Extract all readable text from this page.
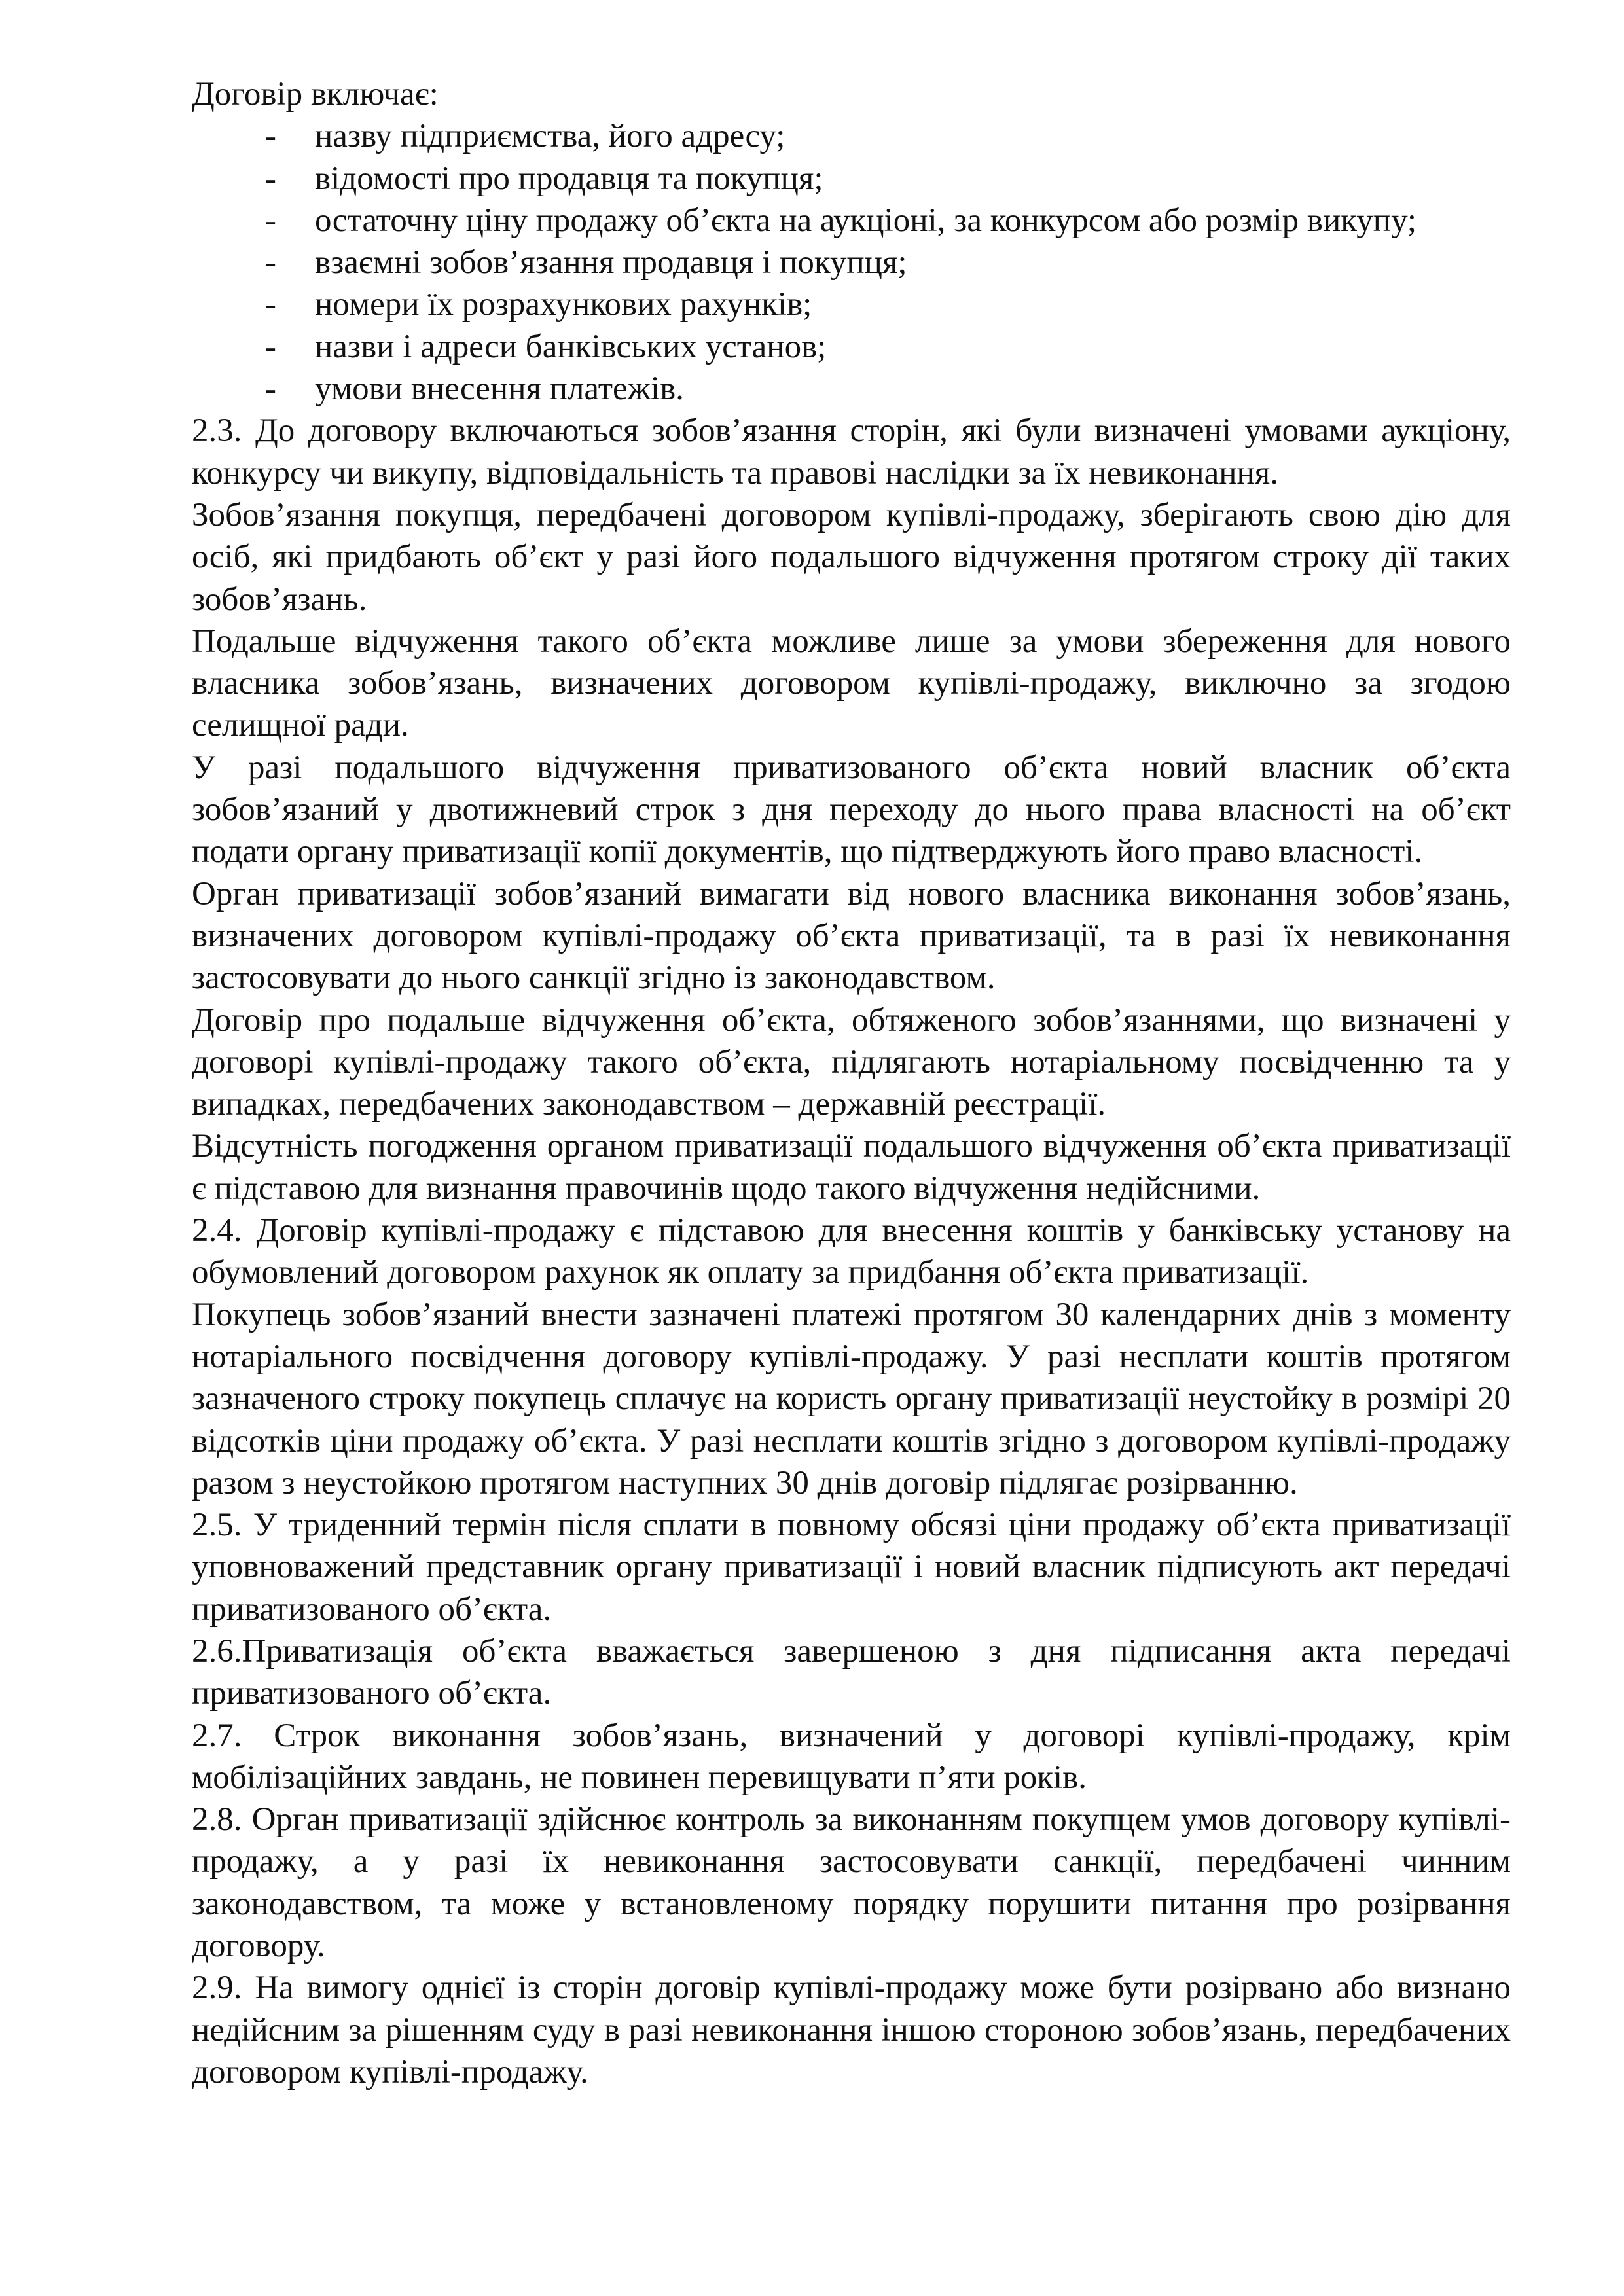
Договір включає:

- назву підприємства, його адресу;
- відомості про продавця та покупця;
- остаточну ціну продажу об’єкта на аукціоні, за конкурсом або розмір викупу;
- взаємні зобов’язання продавця і покупця;
- номери їх розрахункових рахунків;
- назви і адреси банківських установ;
- умови внесення платежів.

2.3. До договору включаються зобов’язання сторін, які були визначені умовами аукціону, конкурсу чи викупу, відповідальність та правові наслідки за їх невиконання.

Зобов’язання покупця, передбачені договором купівлі-продажу, зберігають свою дію для осіб, які придбають об’єкт у разі його подальшого відчуження протягом строку дії таких зобов’язань.

Подальше відчуження такого об’єкта можливе лише за умови збереження для нового власника зобов’язань, визначених договором купівлі-продажу, виключно за згодою селищної ради.

У разі подальшого відчуження приватизованого об’єкта новий власник об’єкта зобов’язаний у двотижневий строк з дня переходу до нього права власності на об’єкт подати органу приватизації копії документів, що підтверджують його право власності.

Орган приватизації зобов’язаний вимагати від нового власника виконання зобов’язань, визначених договором купівлі-продажу об’єкта приватизації, та в разі їх невиконання застосовувати до нього санкції згідно із законодавством.

Договір про подальше відчуження об’єкта, обтяженого зобов’язаннями, що визначені у договорі купівлі-продажу такого об’єкта, підлягають нотаріальному посвідченню та у випадках, передбачених законодавством – державній реєстрації.

Відсутність погодження органом приватизації подальшого відчуження об’єкта приватизації є підставою для визнання правочинів щодо такого відчуження недійсними.

2.4. Договір купівлі-продажу є підставою для внесення коштів у банківську установу на обумовлений договором рахунок як оплату за придбання об’єкта приватизації.

Покупець зобов’язаний внести зазначені платежі протягом 30 календарних днів з моменту нотаріального посвідчення договору купівлі-продажу. У разі несплати коштів протягом зазначеного строку покупець сплачує на користь органу приватизації неустойку в розмірі 20 відсотків ціни продажу об’єкта. У разі несплати коштів згідно з договором купівлі-продажу разом з неустойкою протягом наступних 30 днів договір підлягає розірванню.

2.5. У триденний термін після сплати в повному обсязі ціни продажу об’єкта приватизації уповноважений представник органу приватизації і новий власник підписують акт передачі приватизованого об’єкта.

2.6.Приватизація об’єкта вважається завершеною з дня підписання акта передачі приватизованого об’єкта.

2.7. Строк виконання зобов’язань, визначений у договорі купівлі-продажу, крім мобілізаційних завдань, не повинен перевищувати п’яти років.

2.8. Орган приватизації здійснює контроль за виконанням покупцем умов договору купівлі-продажу, а у разі їх невиконання застосовувати санкції, передбачені чинним законодавством, та може у встановленому порядку порушити питання про розірвання договору.

2.9. На вимогу однієї із сторін договір купівлі-продажу може бути розірвано або визнано недійсним за рішенням суду в разі невиконання іншою стороною зобов’язань, передбачених договором купівлі-продажу.
